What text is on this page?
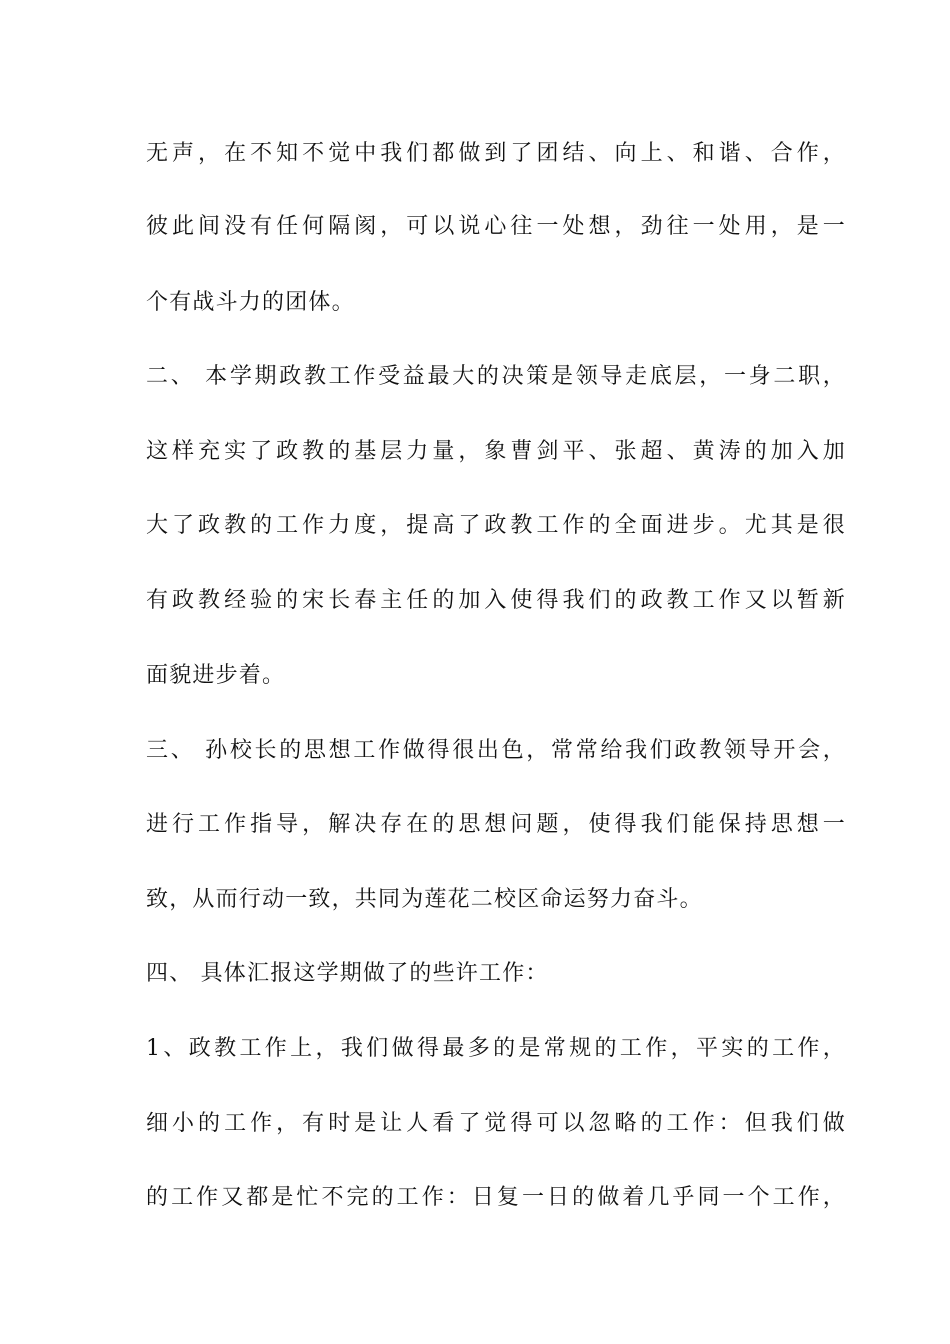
无声，在不知不觉中我们都做到了团结、向上、和谐、合作，
彼此间没有任何隔阂，可以说心往一处想，劲往一处用，是一
个有战斗力的团体。
二、 本学期政教工作受益最大的决策是领导走底层，一身二职，
这样充实了政教的基层力量，象曹剑平、张超、黄涛的加入加
大了政教的工作力度，提高了政教工作的全面进步。尤其是很
有政教经验的宋长春主任的加入使得我们的政教工作又以暂新
面貌进步着。
三、 孙校长的思想工作做得很出色，常常给我们政教领导开会，
进行工作指导，解决存在的思想问题，使得我们能保持思想一
致，从而行动一致，共同为莲花二校区命运努力奋斗。
四、 具体汇报这学期做了的些许工作：
1、政教工作上，我们做得最多的是常规的工作，平实的工作，
细小的工作，有时是让人看了觉得可以忽略的工作：但我们做
的工作又都是忙不完的工作：日复一日的做着几乎同一个工作，
